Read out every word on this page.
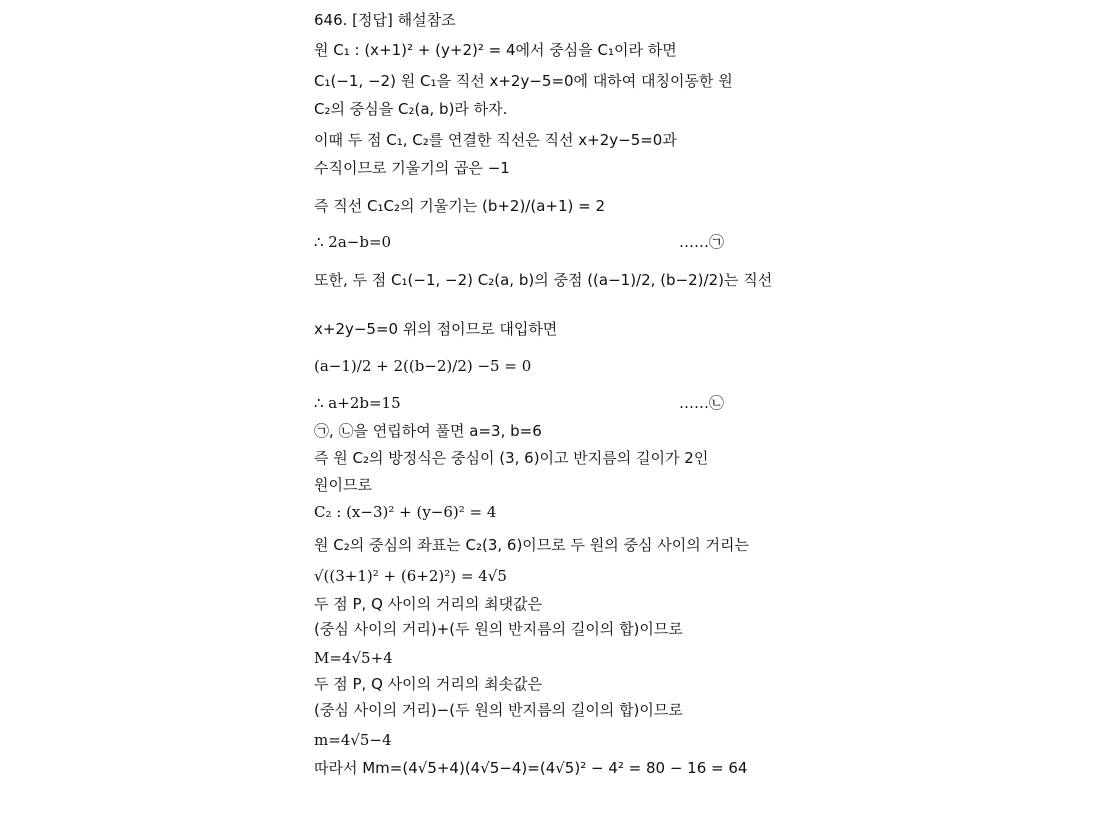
646. [정답] 해설참조
원 C₁ : (x+1)² + (y+2)² = 4에서 중심을 C₁이라 하면
C₁(−1, −2) 원 C₁을 직선 x+2y−5=0에 대하여 대칭이동한 원
C₂의 중심을 C₂(a, b)라 하자.
이때 두 점 C₁, C₂를 연결한 직선은 직선 x+2y−5=0과
수직이므로 기울기의 곱은 −1
즉 직선 C₁C₂의 기울기는 (b+2)/(a+1) = 2
∴ 2a−b=0	……㉠
또한, 두 점 C₁(−1, −2) C₂(a, b)의 중점 ((a−1)/2, (b−2)/2)는 직선
x+2y−5=0 위의 점이므로 대입하면
(a−1)/2 + 2((b−2)/2) −5 = 0
∴ a+2b=15	……㉡
㉠, ㉡을 연립하여 풀면 a=3, b=6
즉 원 C₂의 방정식은 중심이 (3, 6)이고 반지름의 길이가 2인
원이므로
C₂ : (x−3)² + (y−6)² = 4
원 C₂의 중심의 좌표는 C₂(3, 6)이므로 두 원의 중심 사이의 거리는
√((3+1)² + (6+2)²) = 4√5
두 점 P, Q 사이의 거리의 최댓값은
(중심 사이의 거리)+(두 원의 반지름의 길이의 합)이므로
M=4√5+4
두 점 P, Q 사이의 거리의 최솟값은
(중심 사이의 거리)−(두 원의 반지름의 길이의 합)이므로
m=4√5−4
따라서 Mm=(4√5+4)(4√5−4)=(4√5)² − 4² = 80 − 16 = 64
